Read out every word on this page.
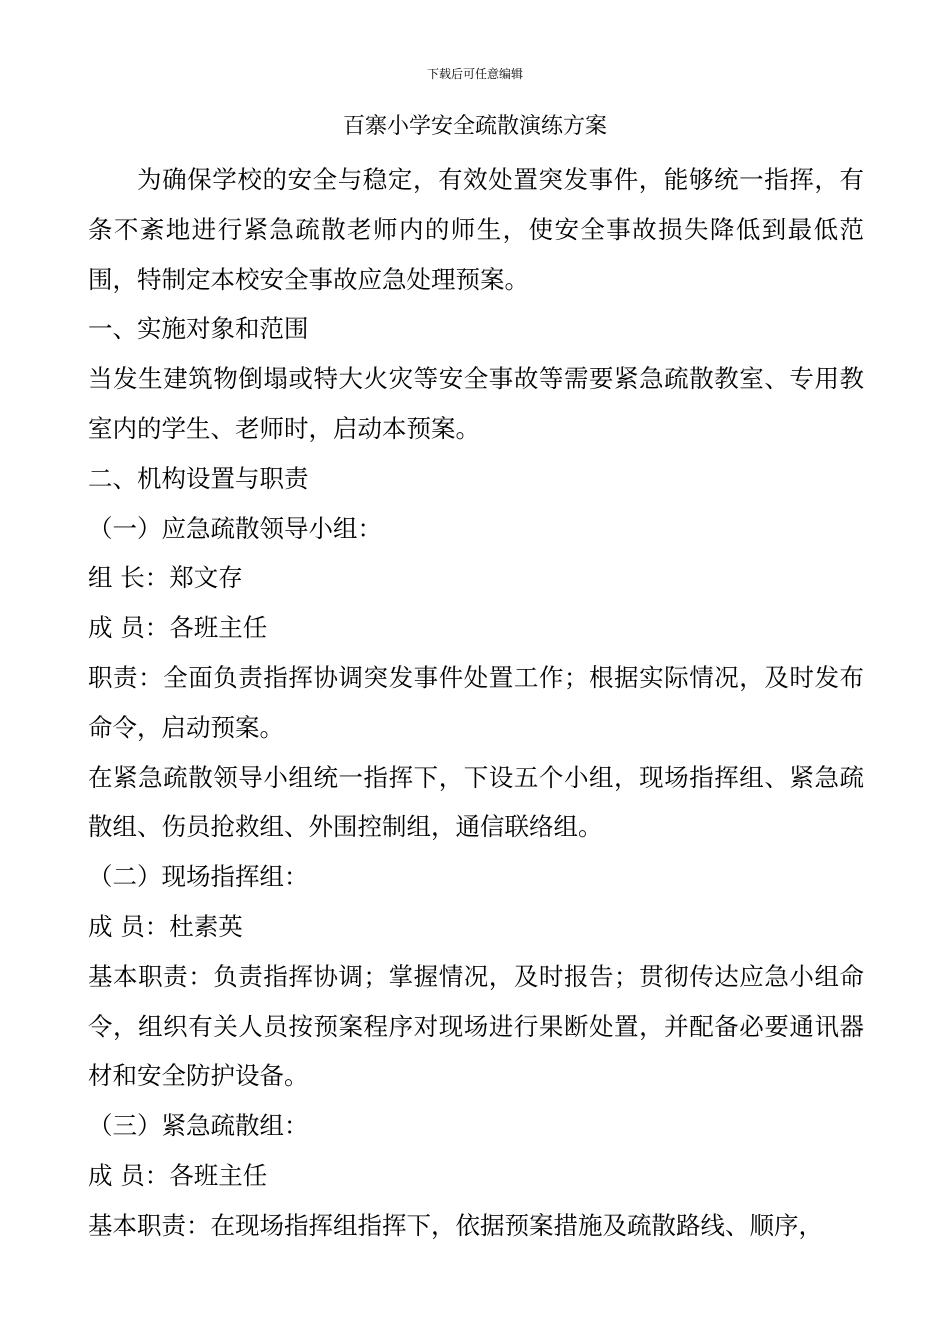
下载后可任意编辑
百寨小学安全疏散演练方案

为确保学校的安全与稳定，有效处置突发事件，能够统一指挥，有条不紊地进行紧急疏散老师内的师生，使安全事故损失降低到最低范围，特制定本校安全事故应急处理预案。

一、实施对象和范围

当发生建筑物倒塌或特大火灾等安全事故等需要紧急疏散教室、专用教室内的学生、老师时，启动本预案。

二、机构设置与职责

（一）应急疏散领导小组：

组 长：郑文存

成 员：各班主任

职责：全面负责指挥协调突发事件处置工作；根据实际情况，及时发布命令，启动预案。

在紧急疏散领导小组统一指挥下，下设五个小组，现场指挥组、紧急疏散组、伤员抢救组、外围控制组，通信联络组。

（二）现场指挥组：

成 员：杜素英

基本职责：负责指挥协调；掌握情况，及时报告；贯彻传达应急小组命令，组织有关人员按预案程序对现场进行果断处置，并配备必要通讯器材和安全防护设备。

（三）紧急疏散组：

成 员：各班主任

基本职责：在现场指挥组指挥下，依据预案措施及疏散路线、顺序，
